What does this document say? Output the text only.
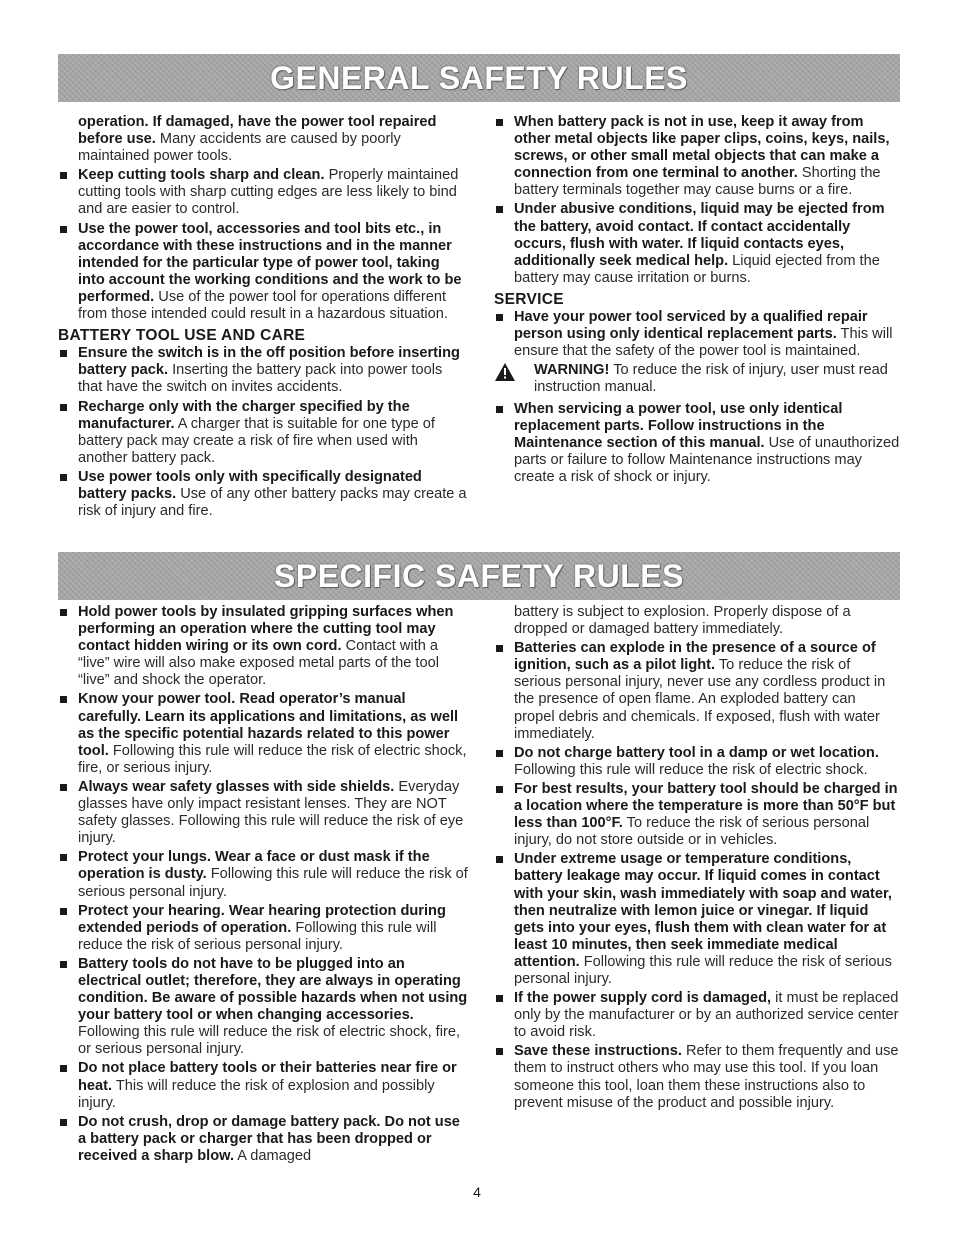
GENERAL SAFETY RULES

operation. If damaged, have the power tool repaired before use. Many accidents are caused by poorly maintained power tools.

Keep cutting tools sharp and clean. Properly maintained cutting tools with sharp cutting edges are less likely to bind and are easier to control.

Use the power tool, accessories and tool bits etc., in accordance with these instructions and in the manner intended for the particular type of power tool, taking into account the working conditions and the work to be performed. Use of the power tool for operations different from those intended could result in a hazardous situation.

BATTERY TOOL USE AND CARE

Ensure the switch is in the off position before inserting battery pack. Inserting the battery pack into power tools that have the switch on invites accidents.

Recharge only with the charger specified by the manufacturer. A charger that is suitable for one type of battery pack may create a risk of fire when used with another battery pack.

Use power tools only with specifically designated battery packs. Use of any other battery packs may create a risk of injury and fire.

When battery pack is not in use, keep it away from other metal objects like paper clips, coins, keys, nails, screws, or other small metal objects that can make a connection from one terminal to another. Shorting the battery terminals together may cause burns or a fire.

Under abusive conditions, liquid may be ejected from the battery, avoid contact. If contact accidentally occurs, flush with water. If liquid contacts eyes, additionally seek medical help. Liquid ejected from the battery may cause irritation or burns.

SERVICE

Have your power tool serviced by a qualified repair person using only identical replacement parts. This will ensure that the safety of the power tool is maintained.

WARNING! To reduce the risk of injury, user must read instruction manual.

When servicing a power tool, use only identical replacement parts. Follow instructions in the Maintenance section of this manual. Use of unauthorized parts or failure to follow Maintenance instructions may create a risk of shock or injury.

SPECIFIC SAFETY RULES

Hold power tools by insulated gripping surfaces when performing an operation where the cutting tool may contact hidden wiring or its own cord. Contact with a “live” wire will also make exposed metal parts of the tool “live” and shock the operator.

Know your power tool. Read operator’s manual carefully. Learn its applications and limitations, as well as the specific potential hazards related to this power tool. Following this rule will reduce the risk of electric shock, fire, or serious injury.

Always wear safety glasses with side shields. Everyday glasses have only impact resistant lenses. They are NOT safety glasses. Following this rule will reduce the risk of eye injury.

Protect your lungs. Wear a face or dust mask if the operation is dusty. Following this rule will reduce the risk of serious personal injury.

Protect your hearing. Wear hearing protection during extended periods of operation. Following this rule will reduce the risk of serious personal injury.

Battery tools do not have to be plugged into an electrical outlet; therefore, they are always in operating condition. Be aware of possible hazards when not using your battery tool or when changing accessories. Following this rule will reduce the risk of electric shock, fire, or serious personal injury.

Do not place battery tools or their batteries near fire or heat. This will reduce the risk of explosion and possibly injury.

Do not crush, drop or damage battery pack. Do not use a battery pack or charger that has been dropped or received a sharp blow. A damaged

battery is subject to explosion. Properly dispose of a dropped or damaged battery immediately.

Batteries can explode in the presence of a source of ignition, such as a pilot light. To reduce the risk of serious personal injury, never use any cordless product in the presence of open flame. An exploded battery can propel debris and chemicals. If exposed, flush with water immediately.

Do not charge battery tool in a damp or wet location. Following this rule will reduce the risk of electric shock.

For best results, your battery tool should be charged in a location where the temperature is more than 50°F but less than 100°F. To reduce the risk of serious personal injury, do not store outside or in vehicles.

Under extreme usage or temperature conditions, battery leakage may occur. If liquid comes in contact with your skin, wash immediately with soap and water, then neutralize with lemon juice or vinegar. If liquid gets into your eyes, flush them with clean water for at least 10 minutes, then seek immediate medical attention. Following this rule will reduce the risk of serious personal injury.

If the power supply cord is damaged, it must be replaced only by the manufacturer or by an authorized service center to avoid risk.

Save these instructions. Refer to them frequently and use them to instruct others who may use this tool. If you loan someone this tool, loan them these instructions also to prevent misuse of the product and possible injury.

4
